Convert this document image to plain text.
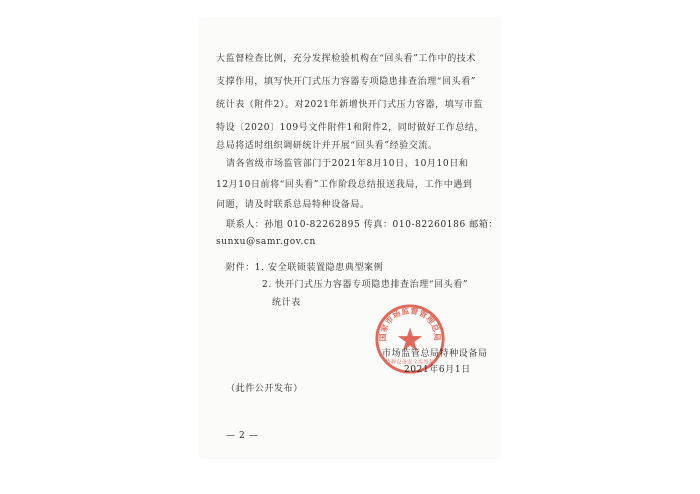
大监督检查比例，充分发挥检验机构在“回头看”工作中的技术
支撑作用，填写快开门式压力容器专项隐患排查治理“回头看”
统计表（附件2）。对2021年新增快开门式压力容器，填写市监
特设〔2020〕109号文件附件1和附件2，同时做好工作总结，
总局将适时组织调研统计并开展“回头看”经验交流。
请各省级市场监管部门于2021年8月10日、10月10日和
12月10日前将“回头看”工作阶段总结报送我局，工作中遇到
问题，请及时联系总局特种设备局。
联系人：孙旭 010-82262895 传真：010-82260186 邮箱：
sunxu@samr.gov.cn
附件：1. 安全联锁装置隐患典型案例
2. 快开门式压力容器专项隐患排查治理“回头看”
统计表
国家市场监督管理总局
特种设备安全监察局
市场监管总局特种设备局
2021年6月1日
（此件公开发布）
— 2 —
